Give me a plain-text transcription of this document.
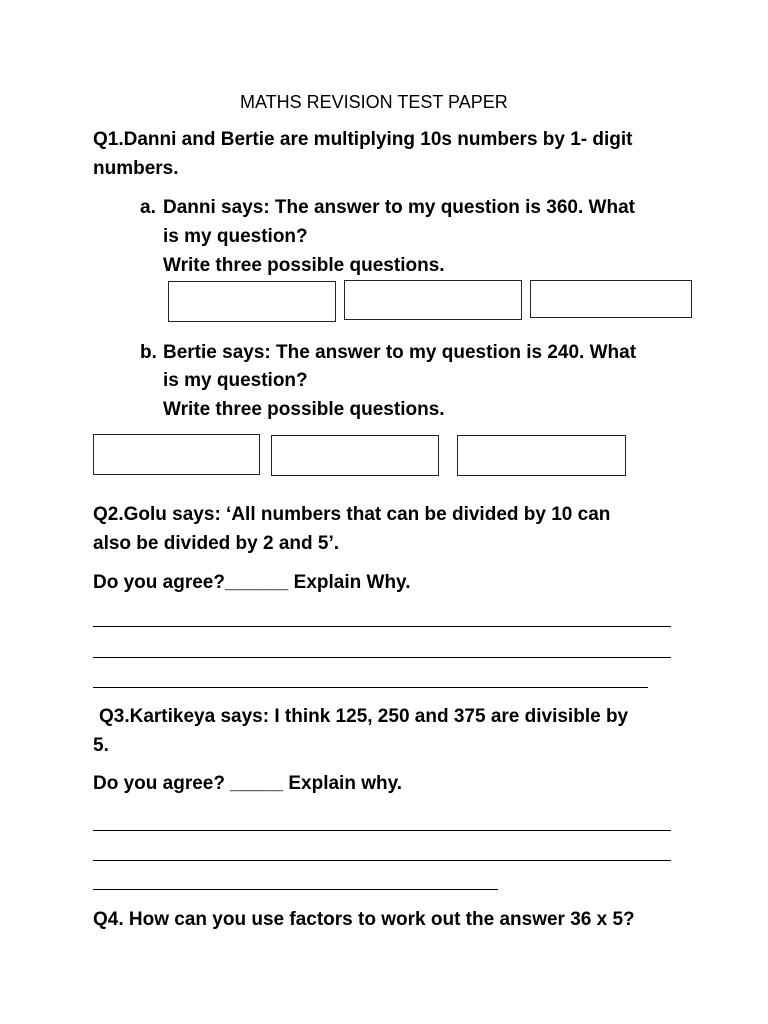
MATHS REVISION TEST PAPER
Q1.Danni and Bertie are multiplying 10s numbers by 1- digit
numbers.
a. Danni says: The answer to my question is 360. What
is my question?
Write three possible questions.
b. Bertie says: The answer to my question is 240. What
is my question?
Write three possible questions.
Q2.Golu says: ‘All numbers that can be divided by 10 can
also be divided by 2 and 5’.
Do you agree?______ Explain Why.
Q3.Kartikeya says: I think 125, 250 and 375 are divisible by
5.
Do you agree? _____ Explain why.
Q4. How can you use factors to work out the answer 36 x 5?
